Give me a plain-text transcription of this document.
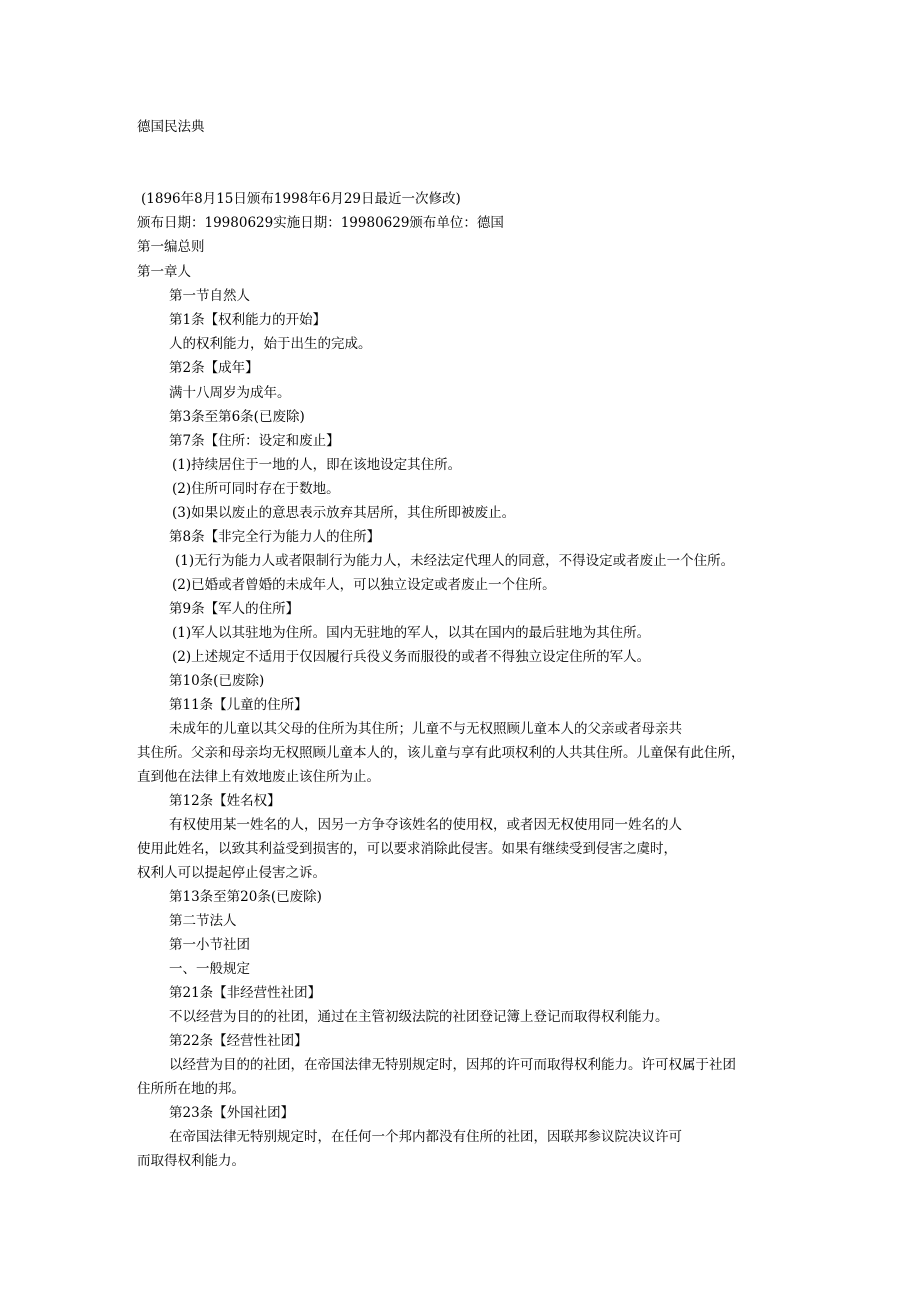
德国民法典
(1896年8月15日颁布1998年6月29日最近一次修改)
颁布日期：19980629实施日期：19980629颁布单位：德国
第一编总则
第一章人
第一节自然人
第1条【权利能力的开始】
人的权利能力，始于出生的完成。
第2条【成年】
满十八周岁为成年。
第3条至第6条(已废除)
第7条【住所：设定和废止】
(1)持续居住于一地的人，即在该地设定其住所。
(2)住所可同时存在于数地。
(3)如果以废止的意思表示放弃其居所，其住所即被废止。
第8条【非完全行为能力人的住所】
(1)无行为能力人或者限制行为能力人，未经法定代理人的同意，不得设定或者废止一个住所。
(2)已婚或者曾婚的未成年人，可以独立设定或者废止一个住所。
第9条【军人的住所】
(1)军人以其驻地为住所。国内无驻地的军人，以其在国内的最后驻地为其住所。
(2)上述规定不适用于仅因履行兵役义务而服役的或者不得独立设定住所的军人。
第10条(已废除)
第11条【儿童的住所】
未成年的儿童以其父母的住所为其住所；儿童不与无权照顾儿童本人的父亲或者母亲共
其住所。父亲和母亲均无权照顾儿童本人的，该儿童与享有此项权利的人共其住所。儿童保有此住所，
直到他在法律上有效地废止该住所为止。
第12条【姓名权】
有权使用某一姓名的人，因另一方争夺该姓名的使用权，或者因无权使用同一姓名的人
使用此姓名，以致其利益受到损害的，可以要求消除此侵害。如果有继续受到侵害之虞时，
权利人可以提起停止侵害之诉。
第13条至第20条(已废除)
第二节法人
第一小节社团
一、一般规定
第21条【非经营性社团】
不以经营为目的的社团，通过在主管初级法院的社团登记簿上登记而取得权利能力。
第22条【经营性社团】
以经营为目的的社团，在帝国法律无特别规定时，因邦的许可而取得权利能力。许可权属于社团
住所所在地的邦。
第23条【外国社团】
在帝国法律无特别规定时，在任何一个邦内都没有住所的社团，因联邦参议院决议许可
而取得权利能力。
